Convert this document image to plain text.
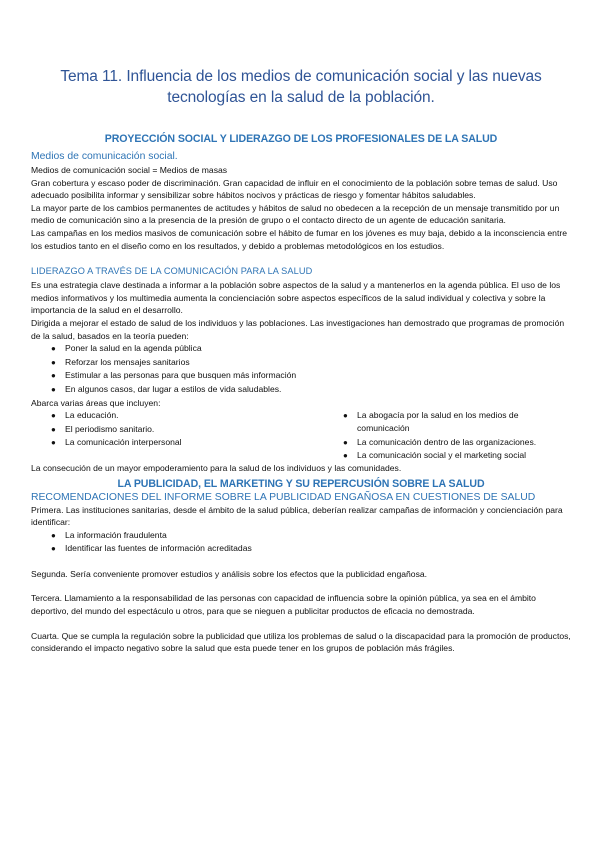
Tema 11. Influencia de los medios de comunicación social y las nuevas tecnologías en la salud de la población.
PROYECCIÓN SOCIAL Y LIDERAZGO DE LOS PROFESIONALES DE LA SALUD
Medios de comunicación social.

Medios de comunicación social = Medios de masas

Gran cobertura y escaso poder de discriminación. Gran capacidad de influir en el conocimiento de la población sobre temas de salud. Uso adecuado posibilita informar y sensibilizar sobre hábitos nocivos y prácticas de riesgo y fomentar hábitos saludables.

La mayor parte de los cambios permanentes de actitudes y hábitos de salud no obedecen a la recepción de un mensaje transmitido por un medio de comunicación sino a la presencia de la presión de grupo o el contacto directo de un agente de educación sanitaria.

Las campañas en los medios masivos de comunicación sobre el hábito de fumar en los jóvenes es muy baja, debido a la inconsciencia entre los estudios tanto en el diseño como en los resultados, y debido a problemas metodológicos en los estudios.

LIDERAZGO A TRAVÉS DE LA COMUNICACIÓN PARA LA SALUD

Es una estrategia clave destinada a informar a la población sobre aspectos de la salud y a mantenerlos en la agenda pública. El uso de los medios informativos y los multimedia aumenta la concienciación sobre aspectos específicos de la salud individual y colectiva y sobre la importancia de la salud en el desarrollo.

Dirigida a mejorar el estado de salud de los individuos y las poblaciones. Las investigaciones han demostrado que programas de promoción de la salud, basados en la teoría pueden:

● Poner la salud en la agenda pública
● Reforzar los mensajes sanitarios
● Estimular a las personas para que busquen más información
● En algunos casos, dar lugar a estilos de vida saludables.

Abarca varias áreas que incluyen:

● La educación.
● El periodismo sanitario.
● La comunicación interpersonal
● La abogacía por la salud en los medios de comunicación
● La comunicación dentro de las organizaciones.
● La comunicación social y el marketing social

La consecución de un mayor empoderamiento para la salud de los individuos y las comunidades.

LA PUBLICIDAD, EL MARKETING Y SU REPERCUSIÓN SOBRE LA SALUD
RECOMENDACIONES DEL INFORME SOBRE LA PUBLICIDAD ENGAÑOSA EN CUESTIONES DE SALUD

Primera. Las instituciones sanitarias, desde el ámbito de la salud pública, deberían realizar campañas de información y concienciación para identificar:

● La información fraudulenta
● Identificar las fuentes de información acreditadas

Segunda. Sería conveniente promover estudios y análisis sobre los efectos que la publicidad engañosa.

Tercera. Llamamiento a la responsabilidad de las personas con capacidad de influencia sobre la opinión pública, ya sea en el ámbito deportivo, del mundo del espectáculo u otros, para que se nieguen a publicitar productos de eficacia no demostrada.

Cuarta. Que se cumpla la regulación sobre la publicidad que utiliza los problemas de salud o la discapacidad para la promoción de productos, considerando el impacto negativo sobre la salud que esta puede tener en los grupos de población más frágiles.
